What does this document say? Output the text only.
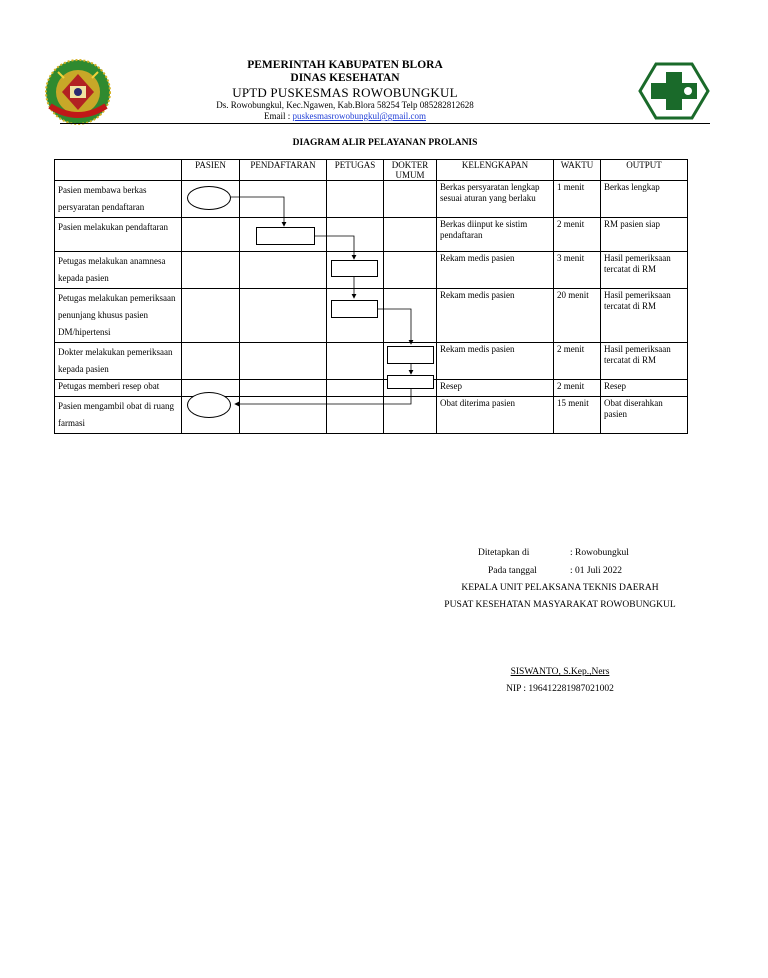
PEMERINTAH KABUPATEN BLORA
DINAS KESEHATAN
UPTD PUSKESMAS ROWOBUNGKUL
Ds. Rowobungkul, Kec.Ngawen, Kab.Blora 58254 Telp 085282812628
Email : puskesmasrowobungkul@gmail.com
DIAGRAM ALIR PELAYANAN PROLANIS
	PASIEN	PENDAFTARAN	PETUGAS	DOKTER UMUM	KELENGKAPAN	WAKTU	OUTPUT
Pasien membawa berkas persyaratan pendaftaran					Berkas persyaratan lengkap sesuai aturan yang berlaku	1 menit	Berkas lengkap
Pasien melakukan pendaftaran					Berkas diinput ke sistim pendaftaran	2 menit	RM pasien siap
Petugas melakukan anamnesa kepada pasien					Rekam medis pasien	3 menit	Hasil pemeriksaan tercatat di RM
Petugas melakukan pemeriksaan penunjang khusus pasien DM/hipertensi					Rekam medis pasien	20 menit	Hasil pemeriksaan tercatat di RM
Dokter melakukan pemeriksaan kepada pasien					Rekam medis pasien	2 menit	Hasil pemeriksaan tercatat di RM
Petugas memberi resep obat					Resep	2 menit	Resep
Pasien mengambil obat di ruang farmasi					Obat diterima pasien	15 menit	Obat diserahkan pasien
Ditetapkan di	: Rowobungkul
Pada tanggal	: 01 Juli 2022
KEPALA UNIT PELAKSANA TEKNIS DAERAH
PUSAT KESEHATAN MASYARAKAT ROWOBUNGKUL
SISWANTO, S.Kep.,Ners
NIP : 196412281987021002
